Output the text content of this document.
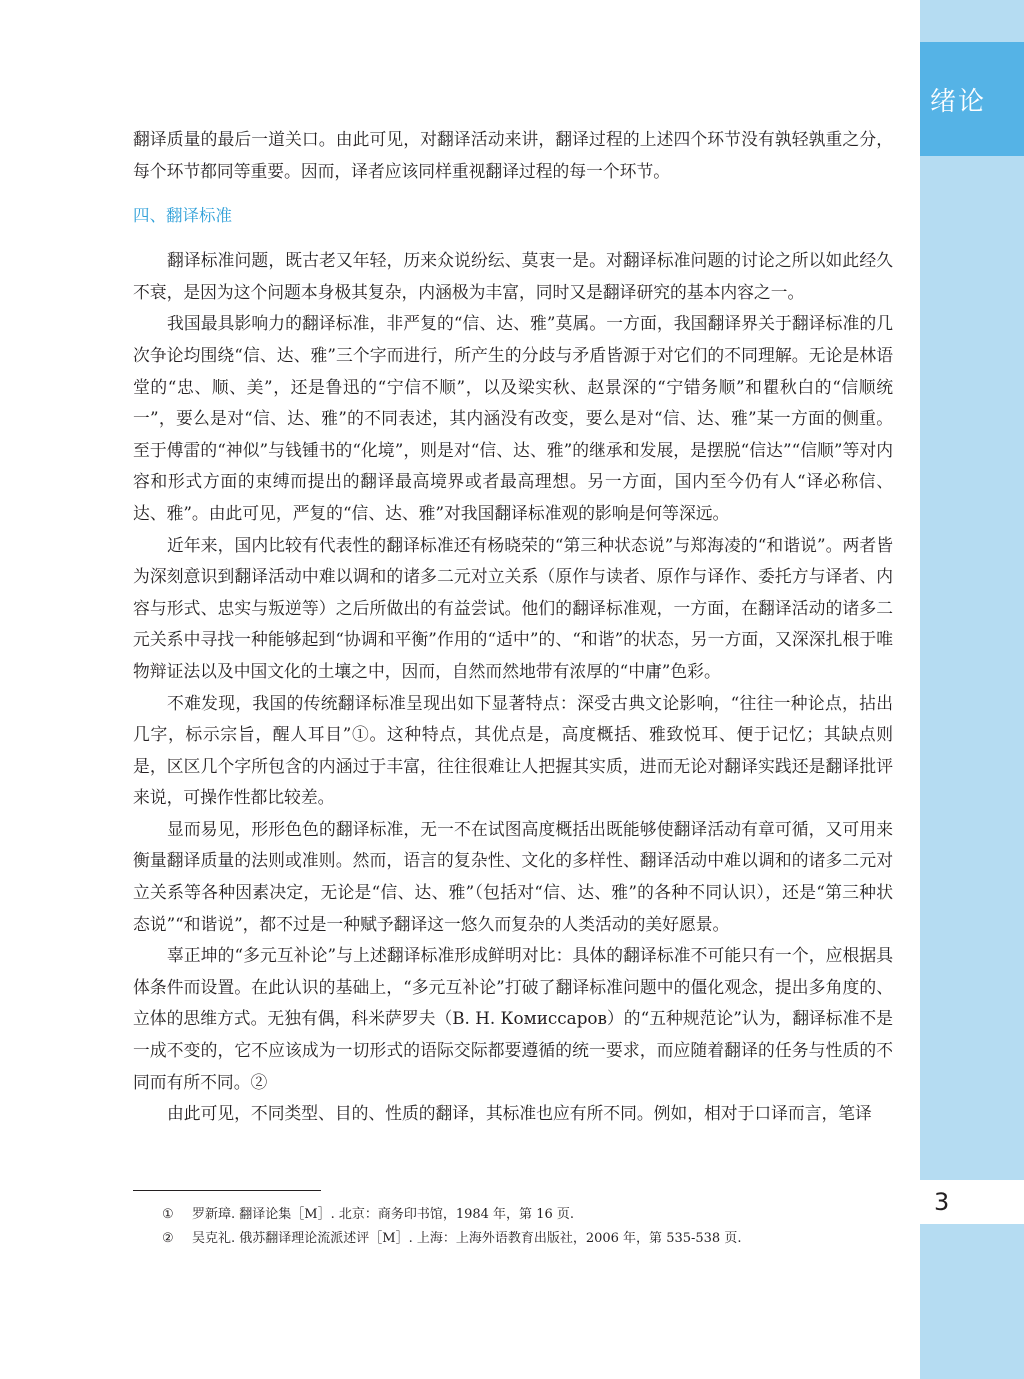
绪论
3

翻译质量的最后一道关口。由此可见，对翻译活动来讲，翻译过程的上述四个环节没有孰轻孰重之分，每个环节都同等重要。因而，译者应该同样重视翻译过程的每一个环节。

四、翻译标准

翻译标准问题，既古老又年轻，历来众说纷纭、莫衷一是。对翻译标准问题的讨论之所以如此经久不衰，是因为这个问题本身极其复杂，内涵极为丰富，同时又是翻译研究的基本内容之一。

我国最具影响力的翻译标准，非严复的“信、达、雅”莫属。一方面，我国翻译界关于翻译标准的几次争论均围绕“信、达、雅”三个字而进行，所产生的分歧与矛盾皆源于对它们的不同理解。无论是林语堂的“忠、顺、美”，还是鲁迅的“宁信不顺”，以及梁实秋、赵景深的“宁错务顺”和瞿秋白的“信顺统一”，要么是对“信、达、雅”的不同表述，其内涵没有改变，要么是对“信、达、雅”某一方面的侧重。至于傅雷的“神似”与钱锺书的“化境”，则是对“信、达、雅”的继承和发展，是摆脱“信达”“信顺”等对内容和形式方面的束缚而提出的翻译最高境界或者最高理想。另一方面，国内至今仍有人“译必称信、达、雅”。由此可见，严复的“信、达、雅”对我国翻译标准观的影响是何等深远。

近年来，国内比较有代表性的翻译标准还有杨晓荣的“第三种状态说”与郑海凌的“和谐说”。两者皆为深刻意识到翻译活动中难以调和的诸多二元对立关系（原作与读者、原作与译作、委托方与译者、内容与形式、忠实与叛逆等）之后所做出的有益尝试。他们的翻译标准观，一方面，在翻译活动的诸多二元关系中寻找一种能够起到“协调和平衡”作用的“适中”的、“和谐”的状态，另一方面，又深深扎根于唯物辩证法以及中国文化的土壤之中，因而，自然而然地带有浓厚的“中庸”色彩。

不难发现，我国的传统翻译标准呈现出如下显著特点：深受古典文论影响，“往往一种论点，拈出几字，标示宗旨，醒人耳目”①。这种特点，其优点是，高度概括、雅致悦耳、便于记忆；其缺点则是，区区几个字所包含的内涵过于丰富，往往很难让人把握其实质，进而无论对翻译实践还是翻译批评来说，可操作性都比较差。

显而易见，形形色色的翻译标准，无一不在试图高度概括出既能够使翻译活动有章可循，又可用来衡量翻译质量的法则或准则。然而，语言的复杂性、文化的多样性、翻译活动中难以调和的诸多二元对立关系等各种因素决定，无论是“信、达、雅”（包括对“信、达、雅”的各种不同认识），还是“第三种状态说”“和谐说”，都不过是一种赋予翻译这一悠久而复杂的人类活动的美好愿景。

辜正坤的“多元互补论”与上述翻译标准形成鲜明对比：具体的翻译标准不可能只有一个，应根据具体条件而设置。在此认识的基础上，“多元互补论”打破了翻译标准问题中的僵化观念，提出多角度的、立体的思维方式。无独有偶，科米萨罗夫（В. Н. Комиссаров）的“五种规范论”认为，翻译标准不是一成不变的，它不应该成为一切形式的语际交际都要遵循的统一要求，而应随着翻译的任务与性质的不同而有所不同。②

由此可见，不同类型、目的、性质的翻译，其标准也应有所不同。例如，相对于口译而言，笔译

①	罗新璋. 翻译论集［M］. 北京：商务印书馆，1984 年，第 16 页.
②	吴克礼. 俄苏翻译理论流派述评［M］. 上海：上海外语教育出版社，2006 年，第 535-538 页.
